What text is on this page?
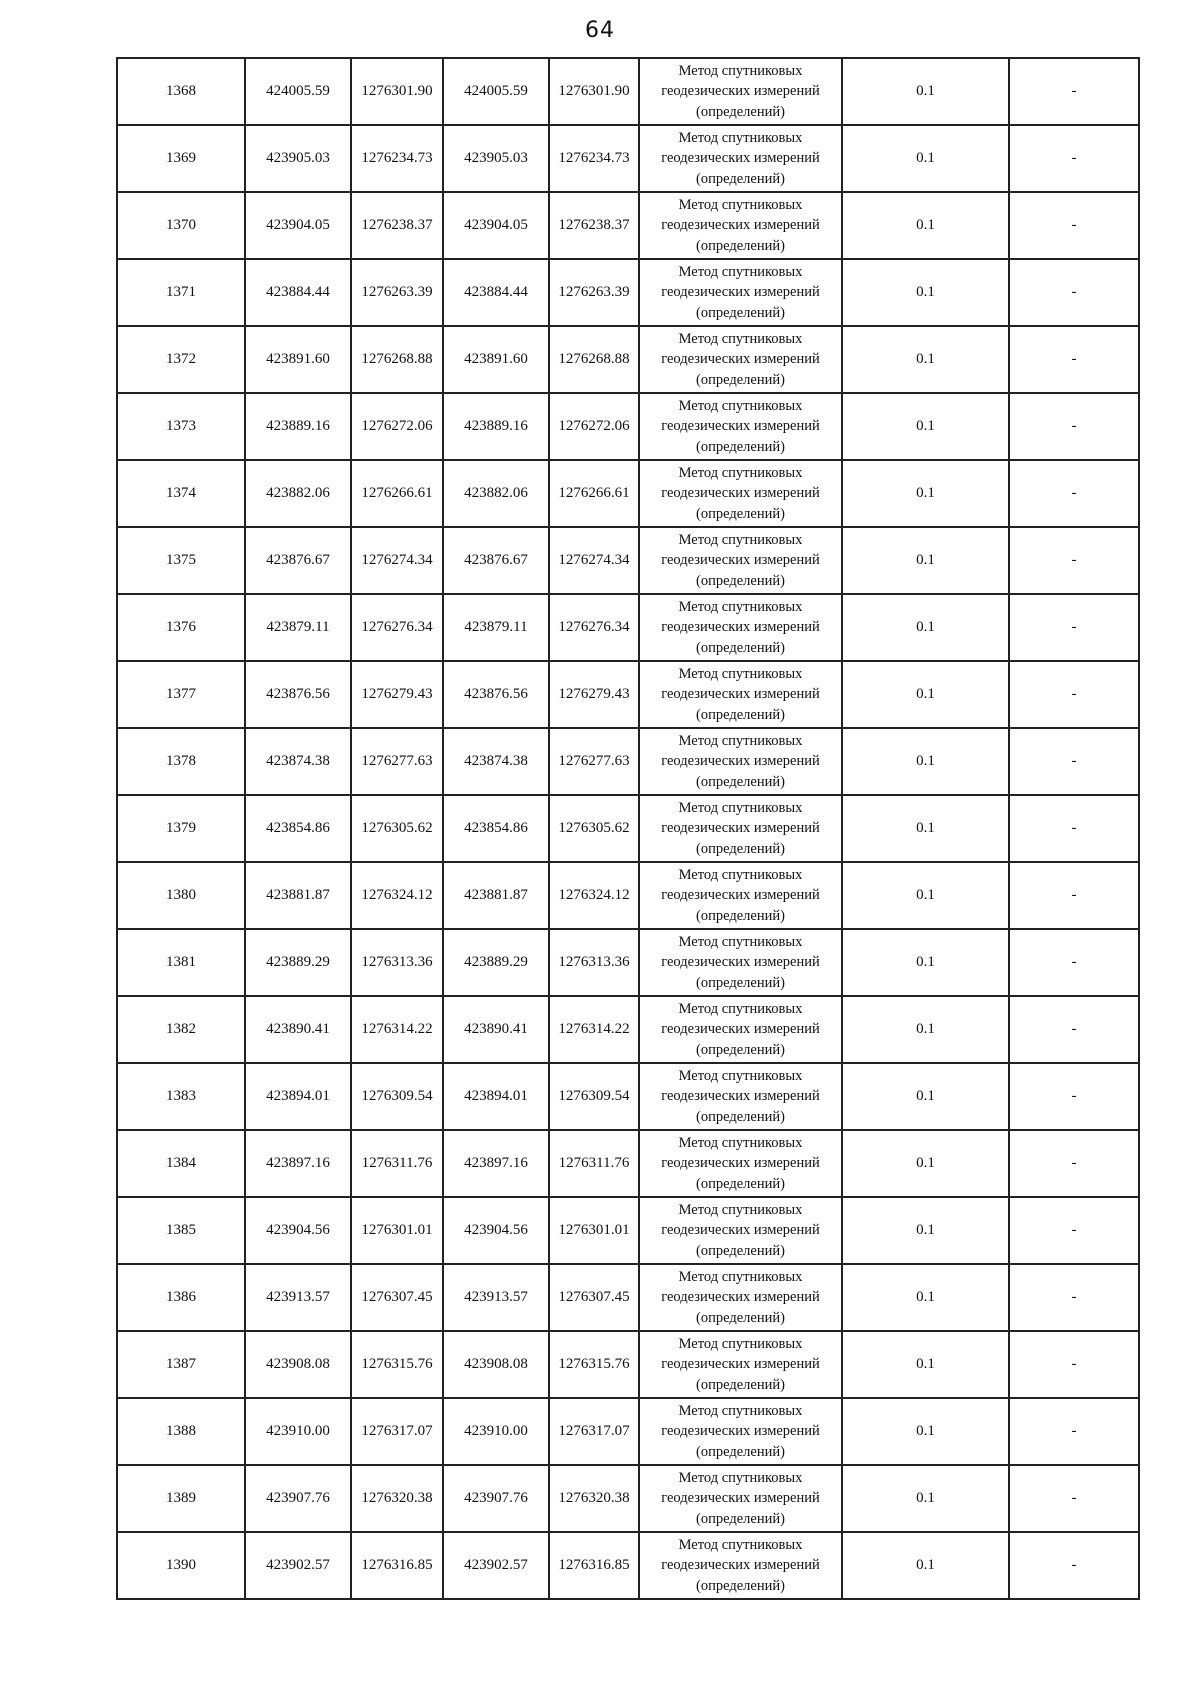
64
1368	424005.59	1276301.90	424005.59	1276301.90	Метод спутниковых геодезических измерений (определений)	0.1	-
1369	423905.03	1276234.73	423905.03	1276234.73	Метод спутниковых геодезических измерений (определений)	0.1	-
1370	423904.05	1276238.37	423904.05	1276238.37	Метод спутниковых геодезических измерений (определений)	0.1	-
1371	423884.44	1276263.39	423884.44	1276263.39	Метод спутниковых геодезических измерений (определений)	0.1	-
1372	423891.60	1276268.88	423891.60	1276268.88	Метод спутниковых геодезических измерений (определений)	0.1	-
1373	423889.16	1276272.06	423889.16	1276272.06	Метод спутниковых геодезических измерений (определений)	0.1	-
1374	423882.06	1276266.61	423882.06	1276266.61	Метод спутниковых геодезических измерений (определений)	0.1	-
1375	423876.67	1276274.34	423876.67	1276274.34	Метод спутниковых геодезических измерений (определений)	0.1	-
1376	423879.11	1276276.34	423879.11	1276276.34	Метод спутниковых геодезических измерений (определений)	0.1	-
1377	423876.56	1276279.43	423876.56	1276279.43	Метод спутниковых геодезических измерений (определений)	0.1	-
1378	423874.38	1276277.63	423874.38	1276277.63	Метод спутниковых геодезических измерений (определений)	0.1	-
1379	423854.86	1276305.62	423854.86	1276305.62	Метод спутниковых геодезических измерений (определений)	0.1	-
1380	423881.87	1276324.12	423881.87	1276324.12	Метод спутниковых геодезических измерений (определений)	0.1	-
1381	423889.29	1276313.36	423889.29	1276313.36	Метод спутниковых геодезических измерений (определений)	0.1	-
1382	423890.41	1276314.22	423890.41	1276314.22	Метод спутниковых геодезических измерений (определений)	0.1	-
1383	423894.01	1276309.54	423894.01	1276309.54	Метод спутниковых геодезических измерений (определений)	0.1	-
1384	423897.16	1276311.76	423897.16	1276311.76	Метод спутниковых геодезических измерений (определений)	0.1	-
1385	423904.56	1276301.01	423904.56	1276301.01	Метод спутниковых геодезических измерений (определений)	0.1	-
1386	423913.57	1276307.45	423913.57	1276307.45	Метод спутниковых геодезических измерений (определений)	0.1	-
1387	423908.08	1276315.76	423908.08	1276315.76	Метод спутниковых геодезических измерений (определений)	0.1	-
1388	423910.00	1276317.07	423910.00	1276317.07	Метод спутниковых геодезических измерений (определений)	0.1	-
1389	423907.76	1276320.38	423907.76	1276320.38	Метод спутниковых геодезических измерений (определений)	0.1	-
1390	423902.57	1276316.85	423902.57	1276316.85	Метод спутниковых геодезических измерений (определений)	0.1	-
